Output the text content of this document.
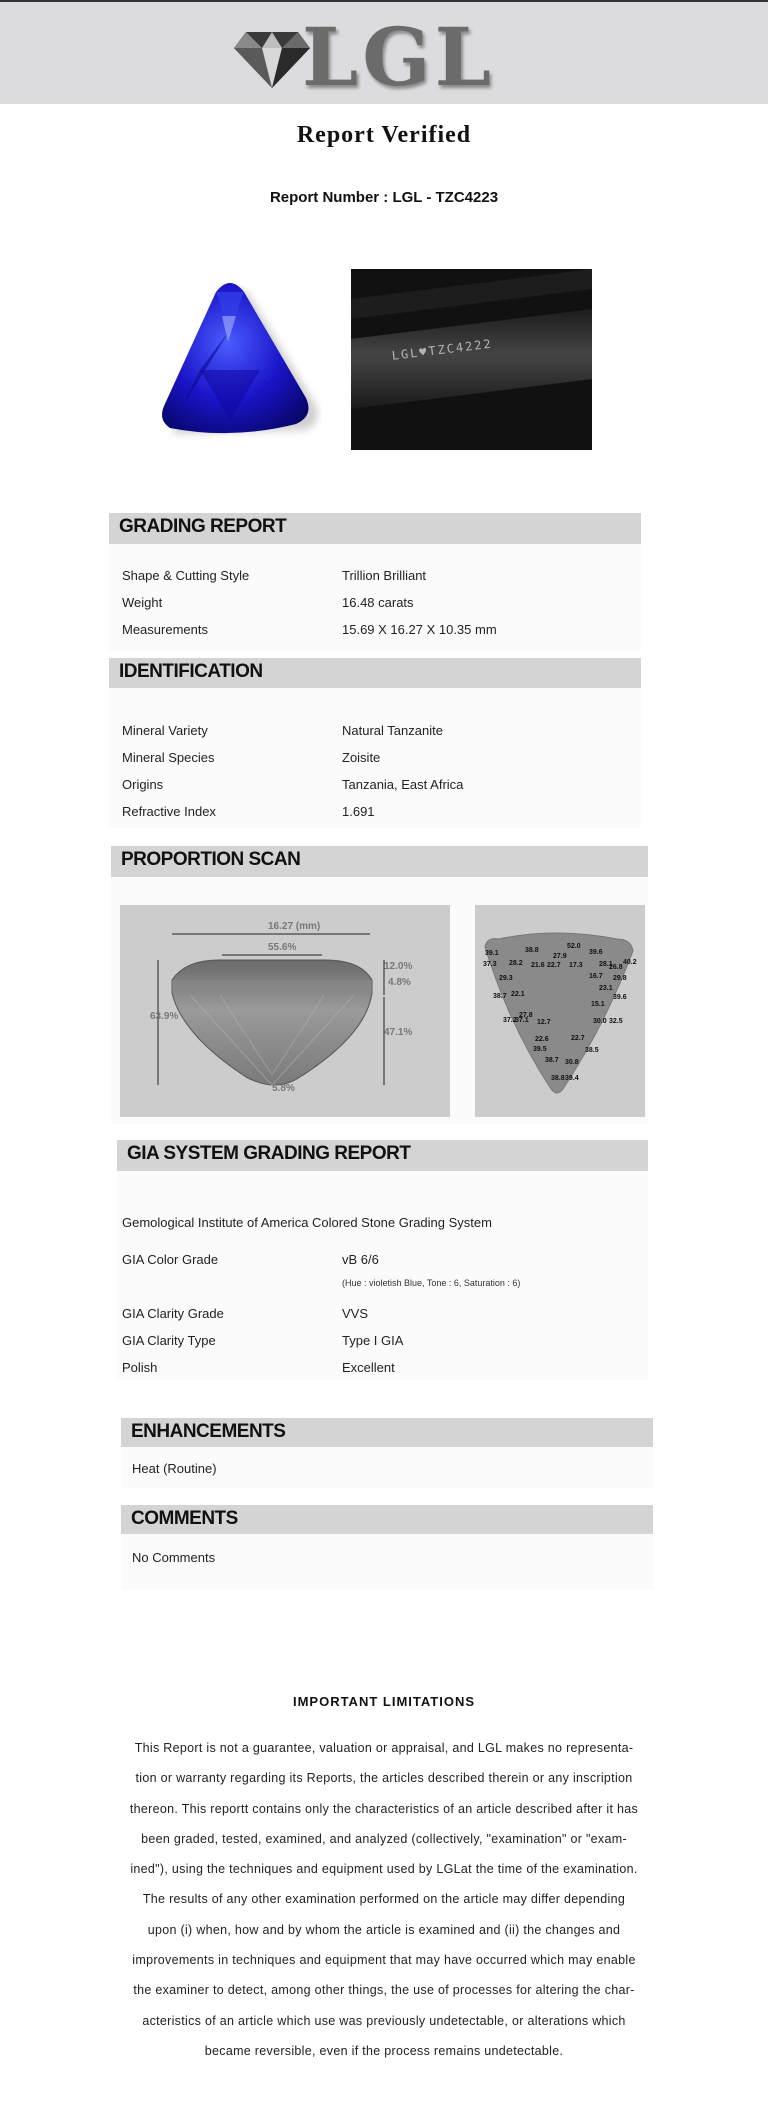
LGL
Report Verified
Report Number : LGL - TZC4223
LGL♥TZC4222
GRADING REPORT
Shape & Cutting Style	Trillion Brilliant
Weight	16.48 carats
Measurements	15.69 X 16.27 X 10.35 mm
IDENTIFICATION
Mineral Variety	Natural Tanzanite
Mineral Species	Zoisite
Origins	Tanzania, East Africa
Refractive Index	1.691
PROPORTION SCAN
16.27 (mm)
55.6%
63.9%
12.0%
4.8%
47.1%
5.8%
39.1
37.3 28.2
38.8
21.6
27.9
22.7
52.0
17.3
39.6
28.1
26.8
40.2
29.3	16.7 29.8
23.1
38.7 22.1	39.6
15.1
27.8
37.2
37.1 12.7	30.0 32.5
22.6	22.7
39.5	38.5
38.7 30.8
38.8 39.4
GIA SYSTEM GRADING REPORT
Gemological Institute of America Colored Stone Grading System
GIA Color Grade	vB 6/6
(Hue : violetish Blue, Tone : 6, Saturation : 6)
GIA Clarity Grade	VVS
GIA Clarity Type	Type I GIA
Polish	Excellent
ENHANCEMENTS
Heat (Routine)
COMMENTS
No Comments
IMPORTANT LIMITATIONS
This Report is not a guarantee, valuation or appraisal, and LGL makes no representa-
tion or warranty regarding its Reports, the articles described therein or any inscription
thereon. This reportt contains only the characteristics of an article described after it has
been graded, tested, examined, and analyzed (collectively, "examination" or "exam-
ined"), using the techniques and equipment used by LGLat the time of the examination.
The results of any other examination performed on the article may differ depending
upon (i) when, how and by whom the article is examined and (ii) the changes and
improvements in techniques and equipment that may have occurred which may enable
the examiner to detect, among other things, the use of processes for altering the char-
acteristics of an article which use was previously undetectable, or alterations which
became reversible, even if the process remains undetectable.
